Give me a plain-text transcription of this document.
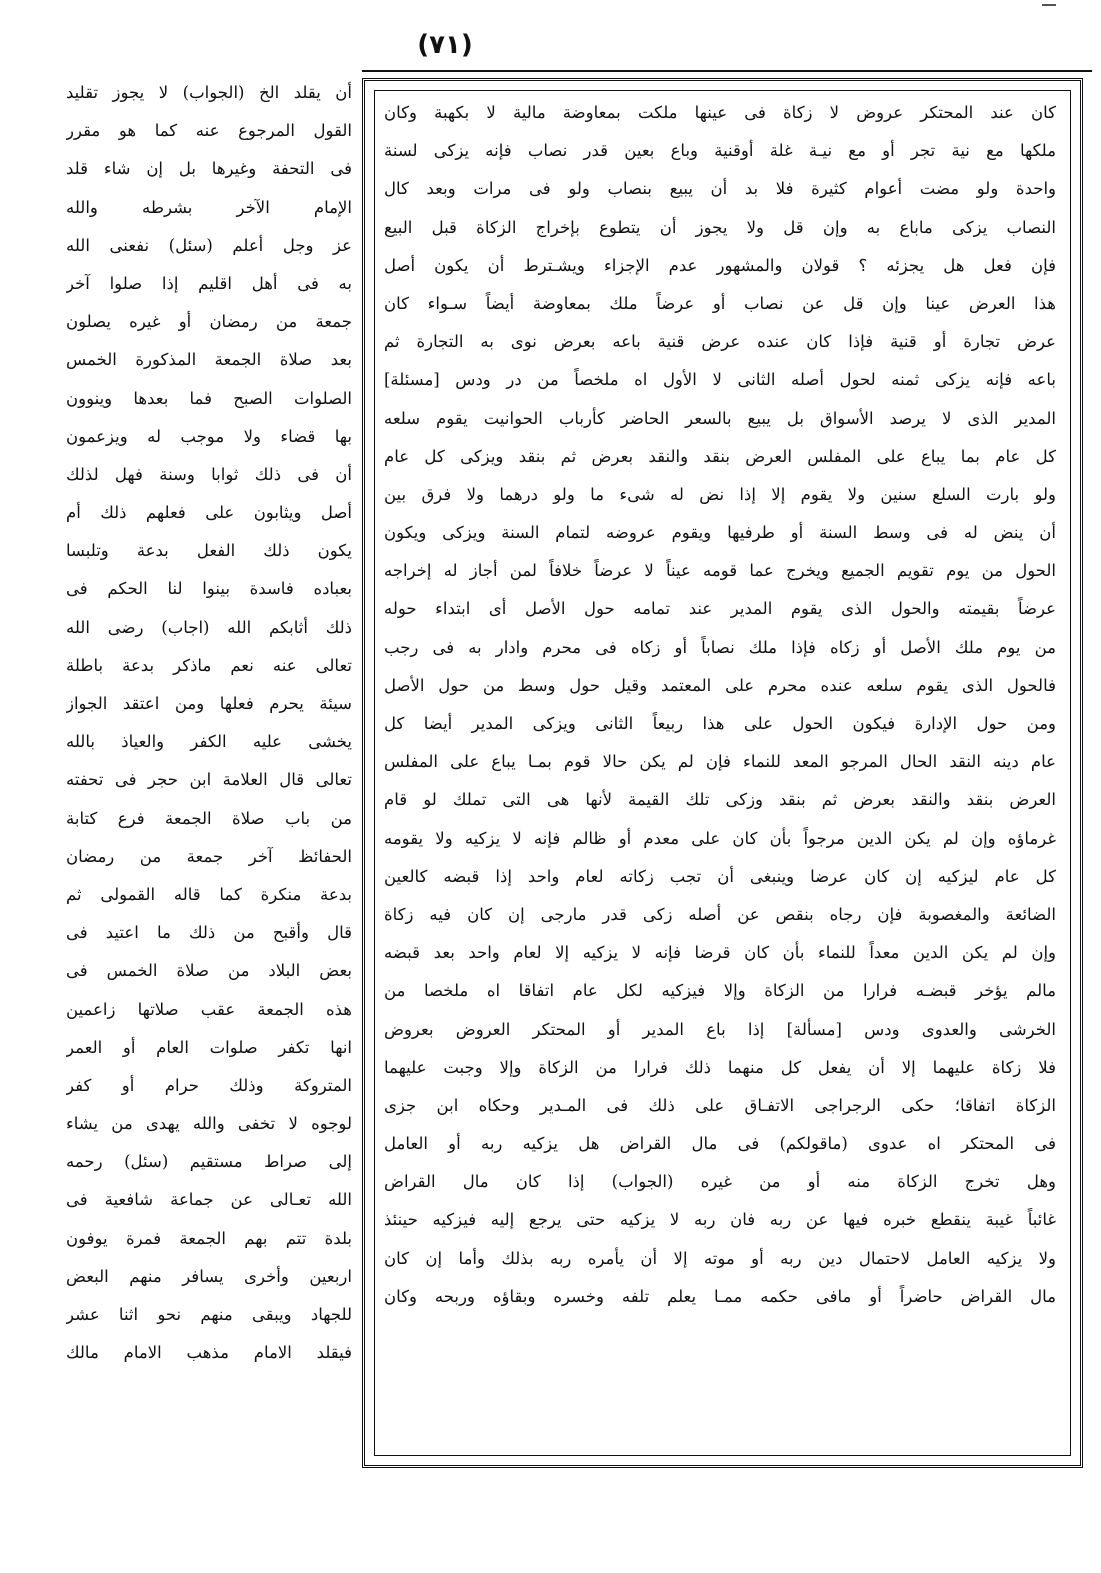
(٧١)
كان عند المحتكر عروض لا زكاة فى عينها ملكت بمعاوضة مالية لا بكهبة وكان
ملكها مع نية تجر أو مع نيـة غلة أوقنية وباع بعين قدر نصاب فإنه يزكى لسنة
واحدة ولو مضت أعوام كثيرة فلا بد أن يبيع بنصاب ولو فى مرات وبعد كال
النصاب يزكى ماباع به وإن قل ولا يجوز أن يتطوع بإخراج الزكاة قبل البيع
فإن فعل هل يجزئه ؟ قولان والمشهور عدم الإجزاء ويشـترط أن يكون أصل
هذا العرض عينا وإن قل عن نصاب أو عرضاً ملك بمعاوضة أيضاً سـواء كان
عرض تجارة أو قنية فإذا كان عنده عرض قنية باعه بعرض نوى به التجارة ثم
باعه فإنه يزكى ثمنه لحول أصله الثانى لا الأول اه ملخصاً من در ودس [مسئلة]
المدير الذى لا يرصد الأسواق بل يبيع بالسعر الحاضر كأرباب الحوانيت يقوم سلعه
كل عام بما يباع على المفلس العرض بنقد والنقد بعرض ثم بنقد ويزكى كل عام
ولو بارت السلع سنين ولا يقوم إلا إذا نض له شىء ما ولو درهما ولا فرق بين
أن ينض له فى وسط السنة أو طرفيها ويقوم عروضه لتمام السنة ويزكى ويكون
الحول من يوم تقويم الجميع ويخرج عما قومه عيناً لا عرضاً خلافاً لمن أجاز له إخراجه
عرضاً بقيمته والحول الذى يقوم المدير عند تمامه حول الأصل أى ابتداء حوله
من يوم ملك الأصل أو زكاه فإذا ملك نصاباً أو زكاه فى محرم وادار به فى رجب
فالحول الذى يقوم سلعه عنده محرم على المعتمد وقيل حول وسط من حول الأصل
ومن حول الإدارة فيكون الحول على هذا ربيعاً الثانى ويزكى المدير أيضا كل
عام دينه النقد الحال المرجو المعد للنماء فإن لم يكن حالا قوم بمـا يباع على المفلس
العرض بنقد والنقد بعرض ثم بنقد وزكى تلك القيمة لأنها هى التى تملك لو قام
غرماؤه وإن لم يكن الدين مرجواً بأن كان على معدم أو ظالم فإنه لا يزكيه ولا يقومه
كل عام ليزكيه إن كان عرضا وينبغى أن تجب زكاته لعام واحد إذا قبضه كالعين
الضائعة والمغصوبة فإن رجاه بنقص عن أصله زكى قدر مارجى إن كان فيه زكاة
وإن لم يكن الدين معداً للنماء بأن كان قرضا فإنه لا يزكيه إلا لعام واحد بعد قبضه
مالم يؤخر قبضـه فرارا من الزكاة وإلا فيزكيه لكل عام اتفاقا اه ملخصا من
الخرشى والعدوى ودس [مسألة] إذا باع المدير أو المحتكر العروض بعروض
فلا زكاة عليهما إلا أن يفعل كل منهما ذلك فرارا من الزكاة وإلا وجبت عليهما
الزكاة اتفاقا؛ حكى الرجراجى الاتفـاق على ذلك فى المـدير وحكاه ابن جزى
فى المحتكر اه عدوى (ماقولكم) فى مال القراض هل يزكيه ربه أو العامل
وهل تخرج الزكاة منه أو من غيره (الجواب) إذا كان مال القراض
غائباً غيبة ينقطع خبره فيها عن ربه فان ربه لا يزكيه حتى يرجع إليه فيزكيه حينئذ
ولا يزكيه العامل لاحتمال دين ربه أو موته إلا أن يأمره ربه بذلك وأما إن كان
مال القراض حاضراً أو مافى حكمه ممـا يعلم تلفه وخسره وبقاؤه وربحه وكان
أن يقلد الخ (الجواب) لا يجوز تقليد
القول المرجوع عنه كما هو مقرر
فى التحفة وغيرها بل إن شاء قلد
الإمام الآخر بشرطه والله
عز وجل أعلم (سئل) نفعنى الله
به فى أهل اقليم إذا صلوا آخر
جمعة من رمضان أو غيره يصلون
بعد صلاة الجمعة المذكورة الخمس
الصلوات الصبح فما بعدها وينوون
بها قضاء ولا موجب له ويزعمون
أن فى ذلك ثوابا وسنة فهل لذلك
أصل ويثابون على فعلهم ذلك أم
يكون ذلك الفعل بدعة وتلبسا
بعباده فاسدة بينوا لنا الحكم فى
ذلك أثابكم الله (اجاب) رضى الله
تعالى عنه نعم ماذكر بدعة باطلة
سيئة يحرم فعلها ومن اعتقد الجواز
يخشى عليه الكفر والعياذ بالله
تعالى قال العلامة ابن حجر فى تحفته
من باب صلاة الجمعة فرع كتابة
الحفائظ آخر جمعة من رمضان
بدعة منكرة كما قاله القمولى ثم
قال وأقبح من ذلك ما اعتيد فى
بعض البلاد من صلاة الخمس فى
هذه الجمعة عقب صلاتها زاعمين
انها تكفر صلوات العام أو العمر
المتروكة وذلك حرام أو كفر
لوجوه لا تخفى والله يهدى من يشاء
إلى صراط مستقيم (سئل) رحمه
الله تعـالى عن جماعة شافعية فى
بلدة تتم بهم الجمعة فمرة يوفون
اربعين وأخرى يسافر منهم البعض
للجهاد ويبقى منهم نحو اثنا عشر
فيقلد الامام مذهب الامام مالك
